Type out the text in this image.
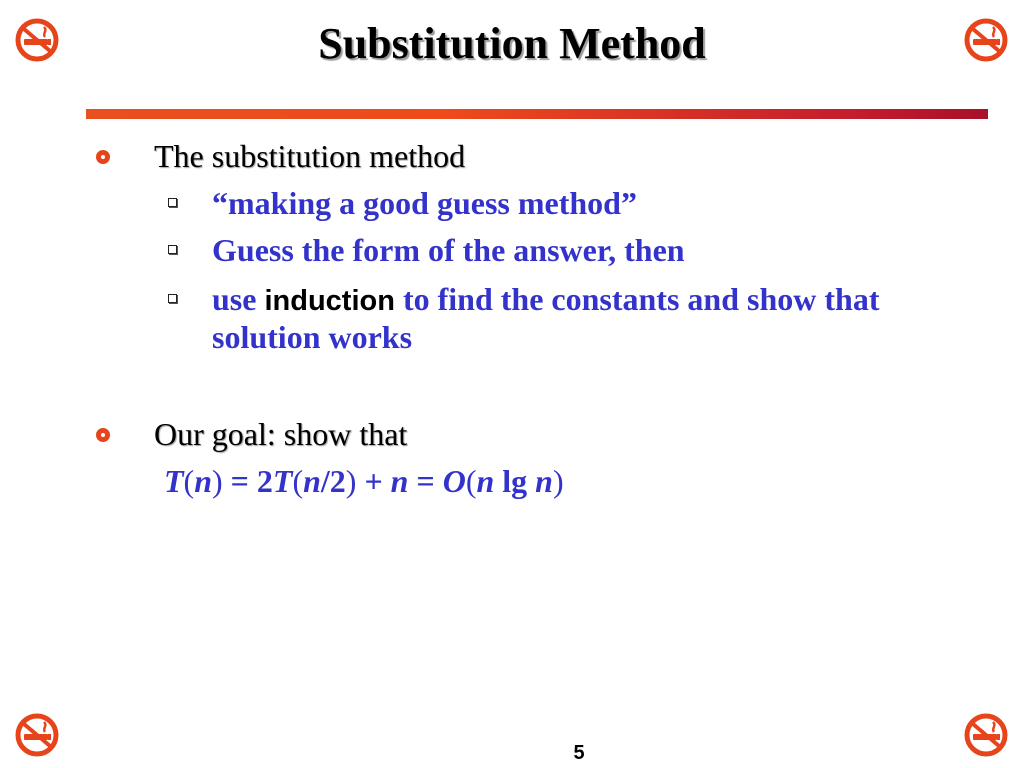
Substitution Method
The substitution method
“making a good guess method”
Guess the form of the answer, then
use induction to find the constants and show that solution works
Our goal: show that
T(n) = 2T(n/2) + n = O(n lg n)
5
